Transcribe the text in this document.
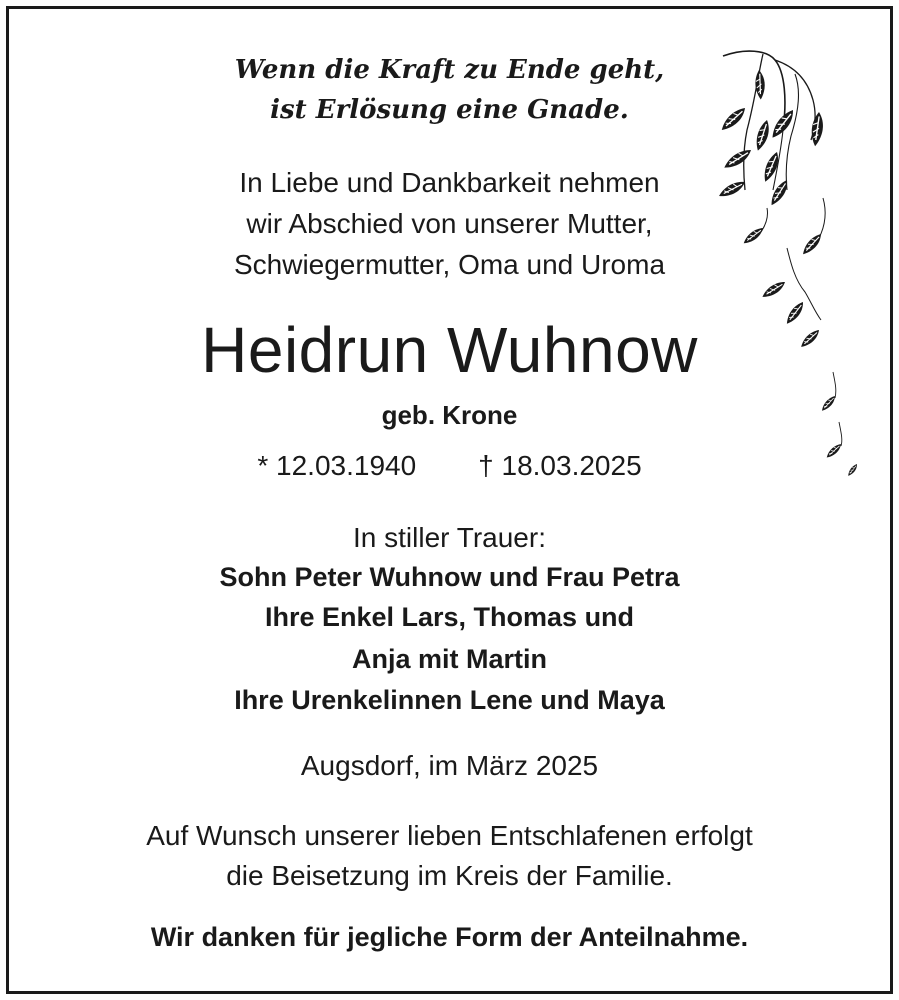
Wenn die Kraft zu Ende geht,
ist Erlösung eine Gnade.
In Liebe und Dankbarkeit nehmen
wir Abschied von unserer Mutter,
Schwiegermutter, Oma und Uroma
Heidrun Wuhnow
geb. Krone
* 12.03.1940 † 18.03.2025
In stiller Trauer:
Sohn Peter Wuhnow und Frau Petra
Ihre Enkel Lars, Thomas und
Anja mit Martin
Ihre Urenkelinnen Lene und Maya
Augsdorf, im März 2025
Auf Wunsch unserer lieben Entschlafenen erfolgt
die Beisetzung im Kreis der Familie.
Wir danken für jegliche Form der Anteilnahme.
